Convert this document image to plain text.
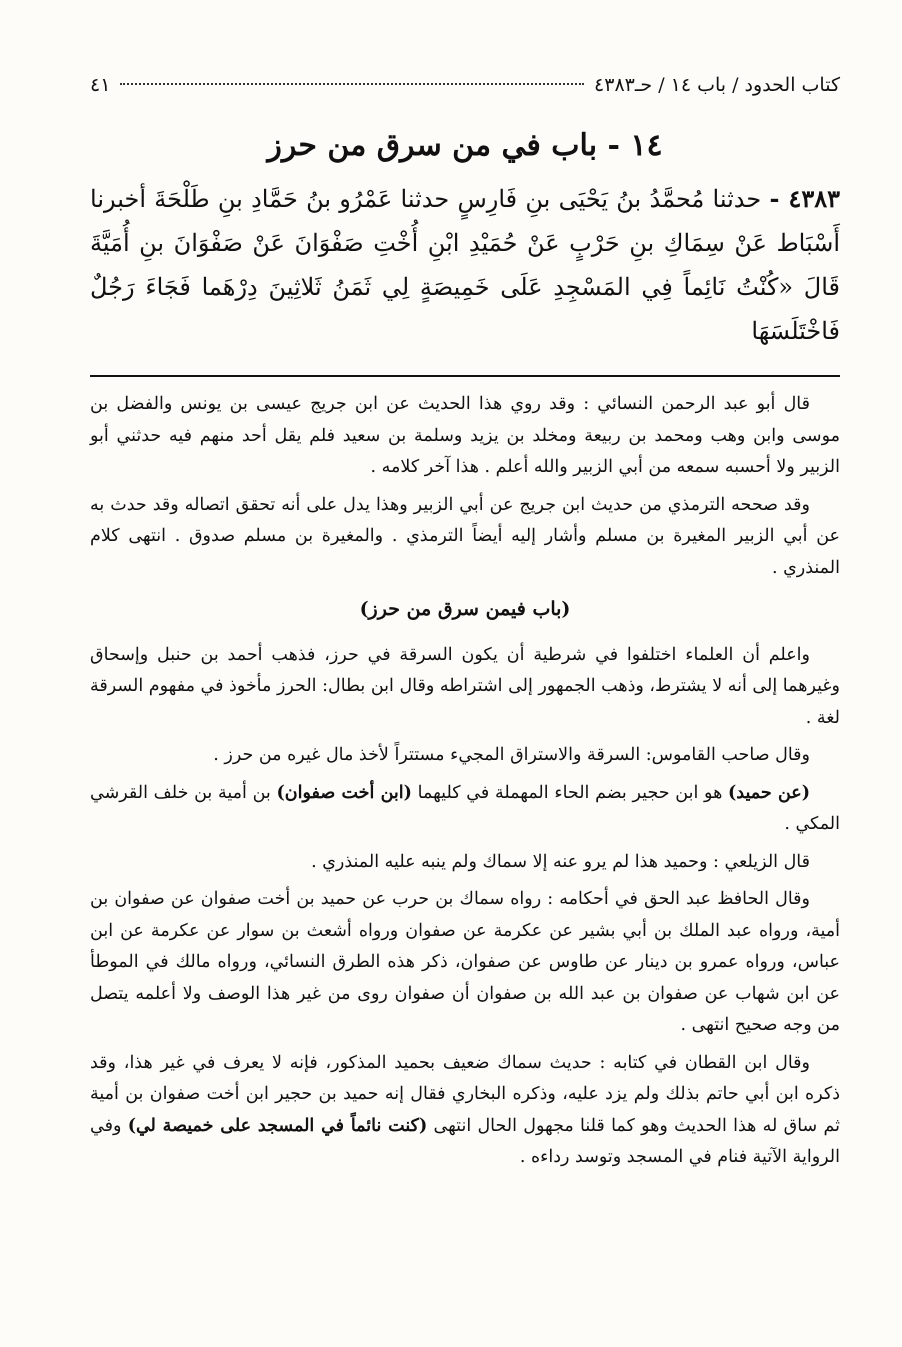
كتاب الحدود / باب ١٤ / حـ٤٣٨٣
٤١
١٤ - باب في من سرق من حرز
٤٣٨٣ - حدثنا مُحمَّدُ بنُ يَحْيَى بنِ فَارِسٍ حدثنا عَمْرُو بنُ حَمَّادِ بنِ طَلْحَةَ أخبرنا أَسْبَاط عَنْ سِمَاكِ بنِ حَرْبٍ عَنْ حُمَيْدِ ابْنِ أُخْتِ صَفْوَانَ عَنْ صَفْوَانَ بنِ أُمَيَّةَ قَالَ «كُنْتُ نَائِماً فِي المَسْجِدِ عَلَى خَمِيصَةٍ لِي ثَمَنُ ثَلاثِينَ دِرْهَما فَجَاءَ رَجُلٌ فَاخْتَلَسَهَا

قال أبو عبد الرحمن النسائي : وقد روي هذا الحديث عن ابن جريج عيسى بن يونس والفضل بن موسى وابن وهب ومحمد بن ربيعة ومخلد بن يزيد وسلمة بن سعيد فلم يقل أحد منهم فيه حدثني أبو الزبير ولا أحسبه سمعه من أبي الزبير والله أعلم . هذا آخر كلامه .

وقد صححه الترمذي من حديث ابن جريج عن أبي الزبير وهذا يدل على أنه تحقق اتصاله وقد حدث به عن أبي الزبير المغيرة بن مسلم وأشار إليه أيضاً الترمذي . والمغيرة بن مسلم صدوق . انتهى كلام المنذري .

(باب فيمن سرق من حرز)

واعلم أن العلماء اختلفوا في شرطية أن يكون السرقة في حرز، فذهب أحمد بن حنبل وإسحاق وغيرهما إلى أنه لا يشترط، وذهب الجمهور إلى اشتراطه وقال ابن بطال: الحرز مأخوذ في مفهوم السرقة لغة .

وقال صاحب القاموس: السرقة والاستراق المجيء مستتراً لأخذ مال غيره من حرز .

(عن حميد) هو ابن حجير بضم الحاء المهملة في كليهما (ابن أخت صفوان) بن أمية بن خلف القرشي المكي .

قال الزيلعي : وحميد هذا لم يرو عنه إلا سماك ولم ينبه عليه المنذري .

وقال الحافظ عبد الحق في أحكامه : رواه سماك بن حرب عن حميد بن أخت صفوان عن صفوان بن أمية، ورواه عبد الملك بن أبي بشير عن عكرمة عن صفوان ورواه أشعث بن سوار عن عكرمة عن ابن عباس، ورواه عمرو بن دينار عن طاوس عن صفوان، ذكر هذه الطرق النسائي، ورواه مالك في الموطأ عن ابن شهاب عن صفوان بن عبد الله بن صفوان أن صفوان روى من غير هذا الوصف ولا أعلمه يتصل من وجه صحيح انتهى .

وقال ابن القطان في كتابه : حديث سماك ضعيف بحميد المذكور، فإنه لا يعرف في غير هذا، وقد ذكره ابن أبي حاتم بذلك ولم يزد عليه، وذكره البخاري فقال إنه حميد بن حجير ابن أخت صفوان بن أمية ثم ساق له هذا الحديث وهو كما قلنا مجهول الحال انتهى (كنت نائماً في المسجد على خميصة لي) وفي الرواية الآتية فنام في المسجد وتوسد رداءه .
